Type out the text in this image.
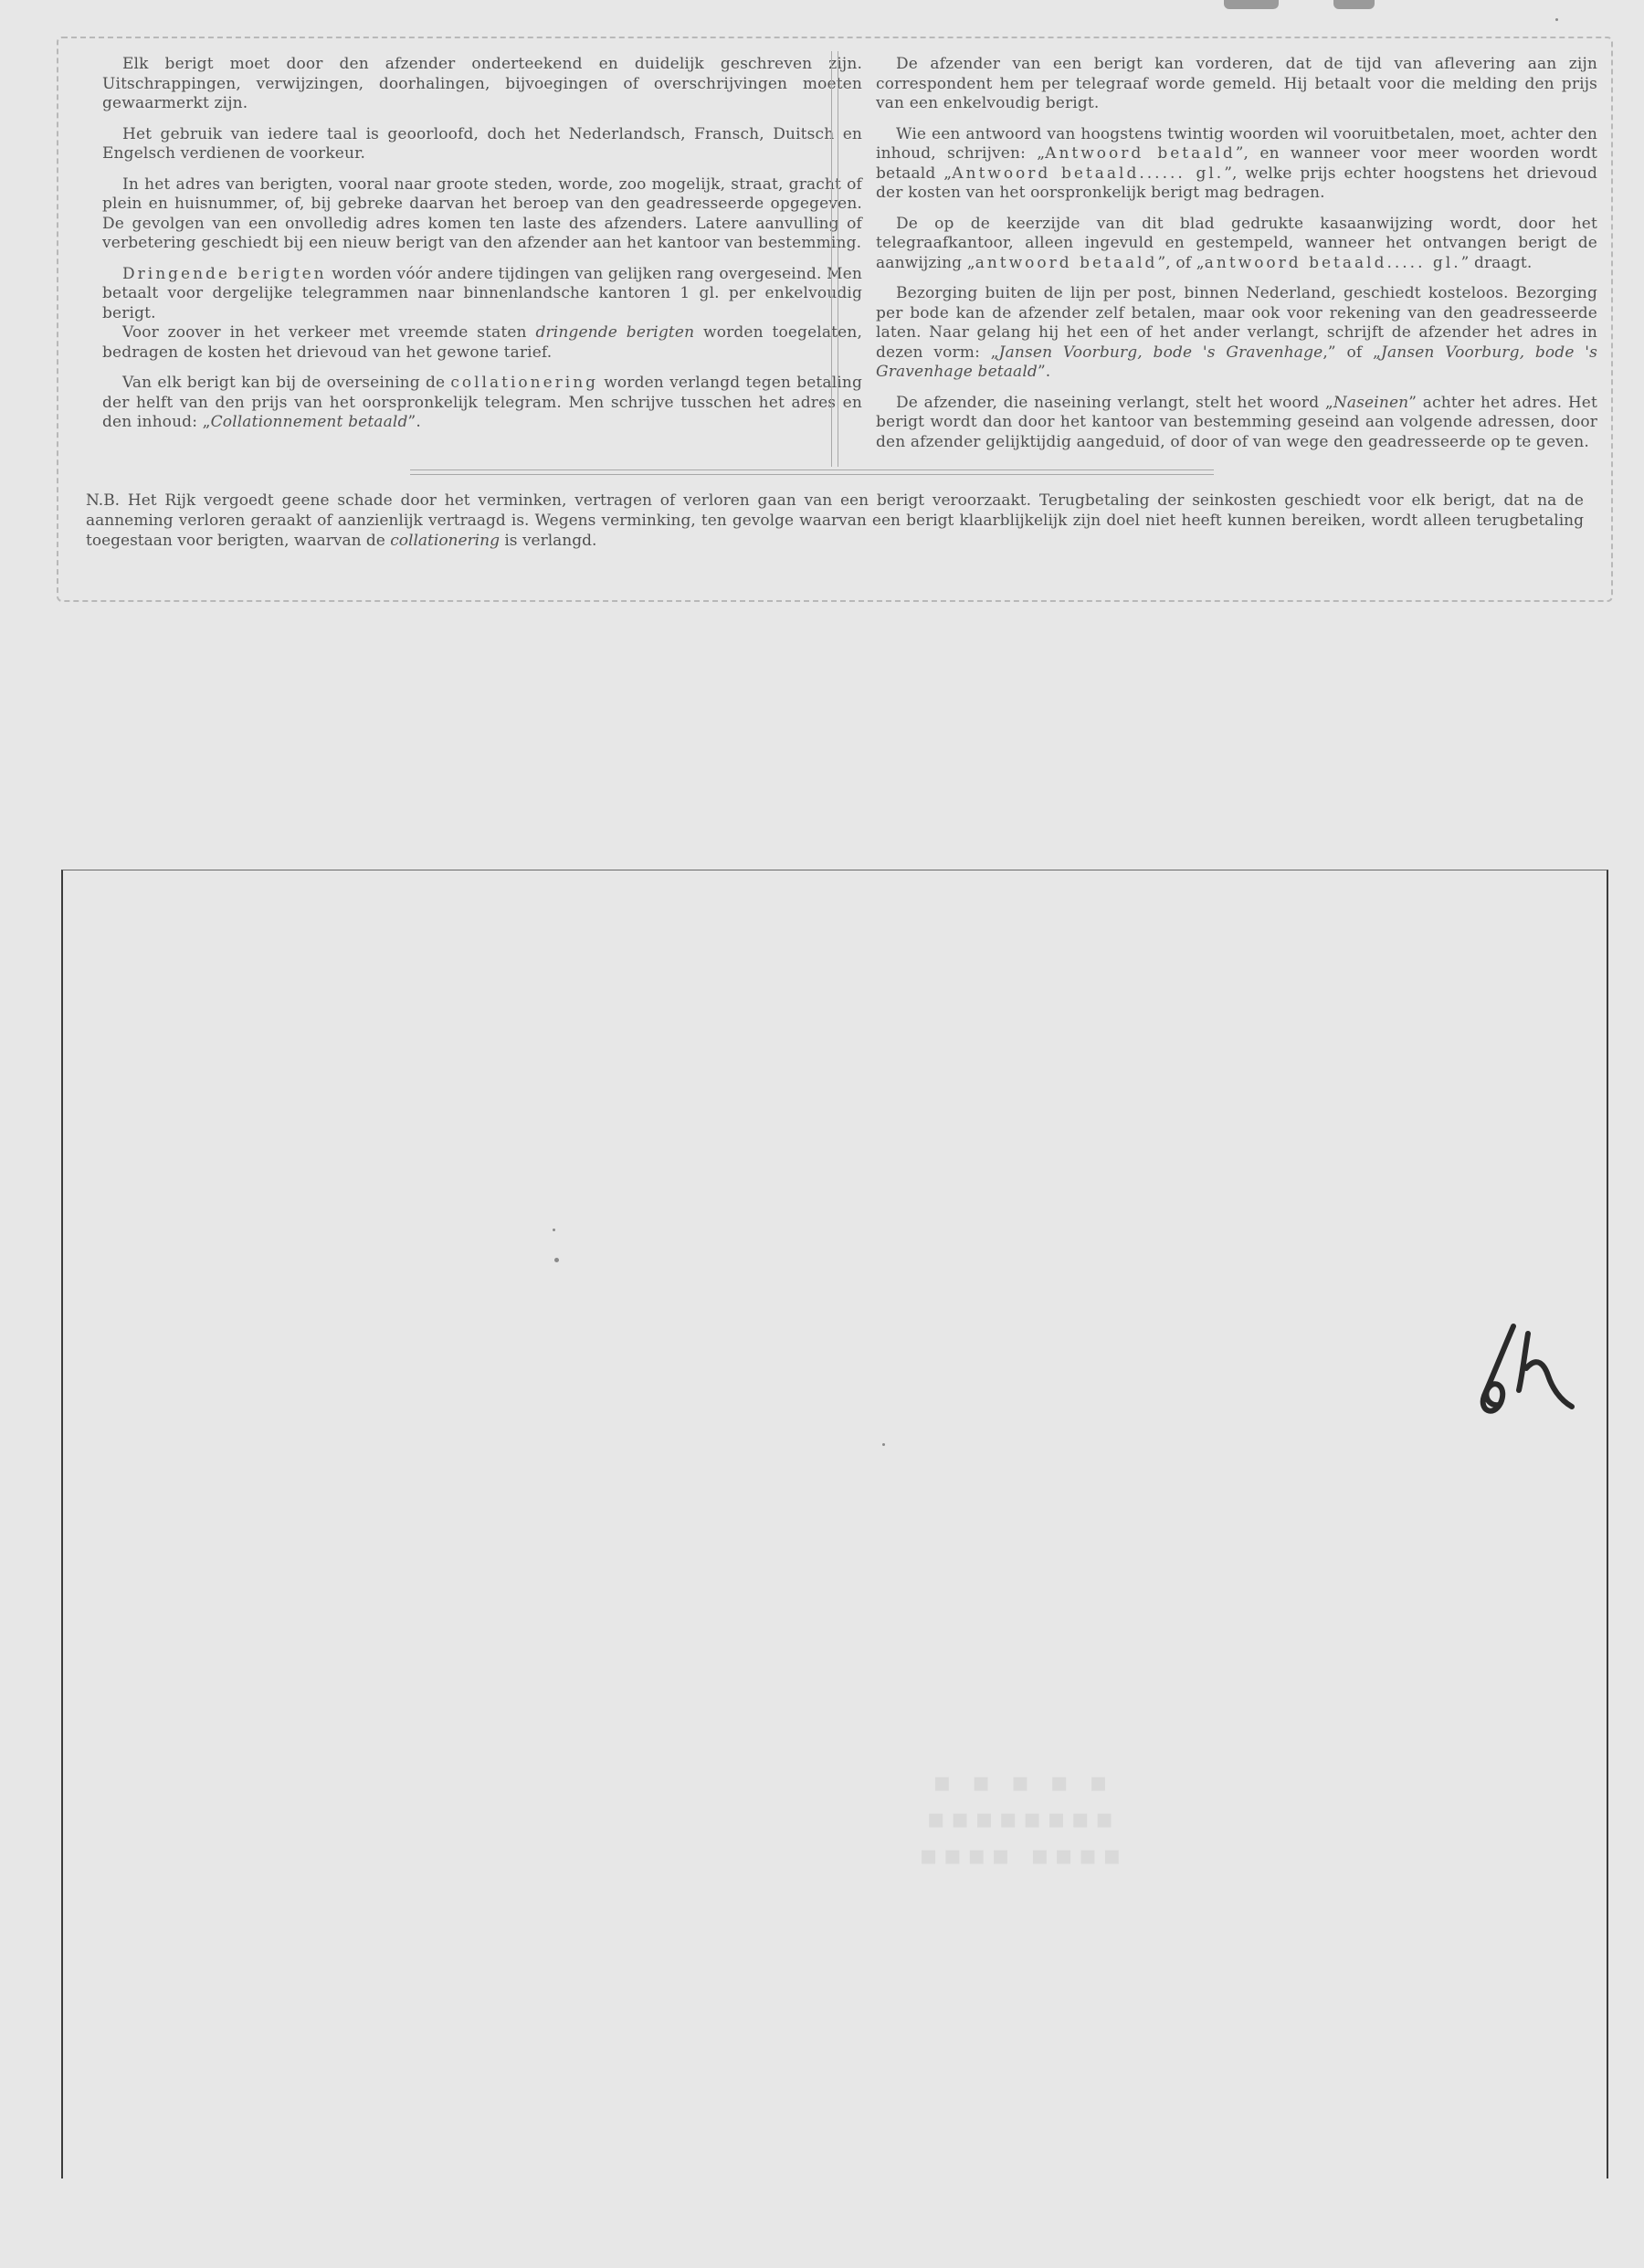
Elk berigt moet door den afzender onderteekend en duidelijk geschreven zijn. Uitschrappingen, verwijzingen, doorhalingen, bijvoegingen of overschrijvingen moeten gewaarmerkt zijn.

Het gebruik van iedere taal is geoorloofd, doch het Nederlandsch, Fransch, Duitsch en Engelsch verdienen de voorkeur.

In het adres van berigten, vooral naar groote steden, worde, zoo mogelijk, straat, gracht of plein en huisnummer, of, bij gebreke daarvan het beroep van den geadresseerde opgegeven. De gevolgen van een onvolledig adres komen ten laste des afzenders. Latere aanvulling of verbetering geschiedt bij een nieuw berigt van den afzender aan het kantoor van bestemming.

Dringende berigten worden vóór andere tijdingen van gelijken rang overgeseind. Men betaalt voor dergelijke telegrammen naar binnenlandsche kantoren 1 gl. per enkelvoudig berigt.

Voor zoover in het verkeer met vreemde staten dringende berigten worden toegelaten, bedragen de kosten het drievoud van het gewone tarief.

Van elk berigt kan bij de overseining de collationering worden verlangd tegen betaling der helft van den prijs van het oorspronkelijk telegram. Men schrijve tusschen het adres en den inhoud: „Collationnement betaald”.

De afzender van een berigt kan vorderen, dat de tijd van aflevering aan zijn correspondent hem per telegraaf worde gemeld. Hij betaalt voor die melding den prijs van een enkelvoudig berigt.

Wie een antwoord van hoogstens twintig woorden wil vooruitbetalen, moet, achter den inhoud, schrijven: „Antwoord betaald”, en wanneer voor meer woorden wordt betaald „Antwoord betaald...... gl.”, welke prijs echter hoogstens het drievoud der kosten van het oorspronkelijk berigt mag bedragen.

De op de keerzijde van dit blad gedrukte kasaanwijzing wordt, door het telegraafkantoor, alleen ingevuld en gestempeld, wanneer het ontvangen berigt de aanwijzing „antwoord betaald”, of „antwoord betaald..... gl.” draagt.

Bezorging buiten de lijn per post, binnen Nederland, geschiedt kosteloos. Bezorging per bode kan de afzender zelf betalen, maar ook voor rekening van den geadresseerde laten. Naar gelang hij het een of het ander verlangt, schrijft de afzender het adres in dezen vorm: „Jansen Voorburg, bode 's Gravenhage,” of „Jansen Voorburg, bode 's Gravenhage betaald”.

De afzender, die naseining verlangt, stelt het woord „Naseinen” achter het adres. Het berigt wordt dan door het kantoor van bestemming geseind aan volgende adressen, door den afzender gelijktijdig aangeduid, of door of van wege den geadresseerde op te geven.

N.B. Het Rijk vergoedt geene schade door het verminken, vertragen of verloren gaan van een berigt veroorzaakt. Terugbetaling der seinkosten geschiedt voor elk berigt, dat na de aanneming verloren geraakt of aanzienlijk vertraagd is. Wegens verminking, ten gevolge waarvan een berigt klaarblijkelijk zijn doel niet heeft kunnen bereiken, wordt alleen terugbetaling toegestaan voor berigten, waarvan de collationering is verlangd.
▪ ▪ ▪ ▪ ▪
▪▪▪▪▪▪▪▪
▪▪▪▪ ▪▪▪▪
